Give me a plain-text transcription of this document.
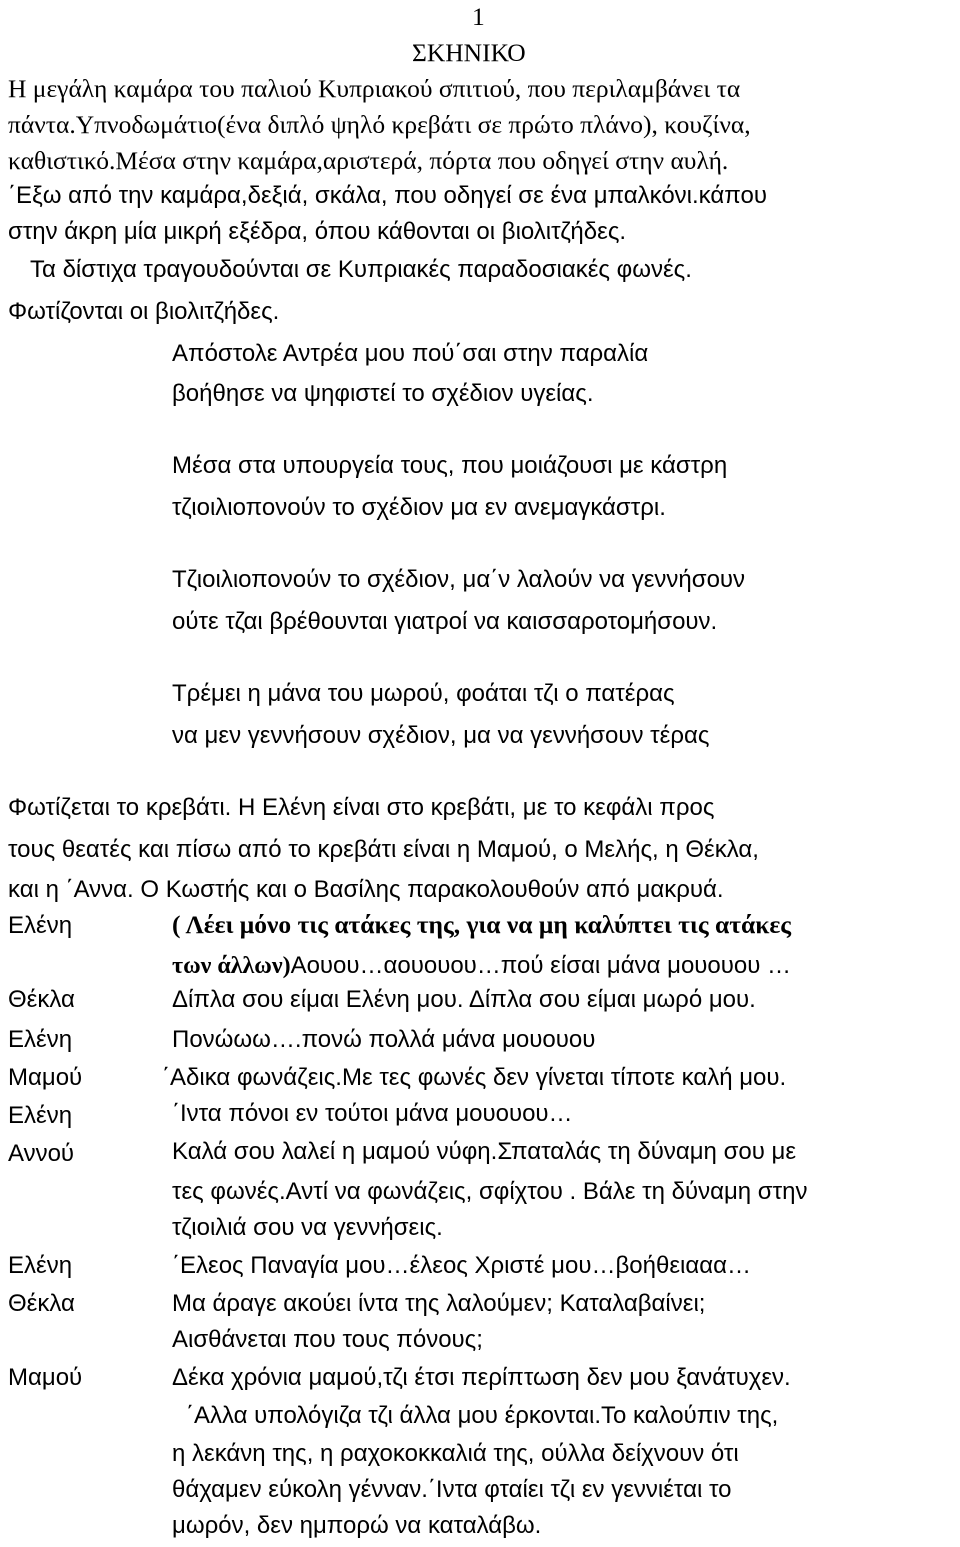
1
ΣΚΗΝΙΚΟ
Η μεγάλη καμάρα του παλιού Κυπριακού σπιτιού, που περιλαμβάνει τα
πάντα.Υπνοδωμάτιο(ένα διπλό ψηλό κρεβάτι σε πρώτο πλάνο), κουζίνα,
καθιστικό.Μέσα στην καμάρα,αριστερά, πόρτα που οδηγεί στην αυλή.
΄Εξω από την καμάρα,δεξιά, σκάλα, που οδηγεί σε ένα μπαλκόνι.κάπου
στην άκρη μία μικρή εξέδρα, όπου κάθονται οι βιολιτζήδες.
Τα δίστιχα τραγουδούνται σε Κυπριακές παραδοσιακές φωνές.
Φωτίζονται οι βιολιτζήδες.
Απόστολε Αντρέα μου πού΄σαι στην παραλία
βοήθησε να ψηφιστεί το σχέδιον υγείας.
Μέσα στα υπουργεία τους, που μοιάζουσι με κάστρη
τζιοιλιοπονούν το σχέδιον μα εν ανεμαγκάστρι.
Τζιοιλιοπονούν το σχέδιον, μα΄ν λαλούν να γεννήσουν
ούτε τζαι βρέθουνται γιατροί να καισσαροτομήσουν.
Τρέμει η μάνα του μωρού, φοάται τζι ο πατέρας
να μεν γεννήσουν σχέδιον, μα να γεννήσουν τέρας
Φωτίζεται το κρεβάτι. Η Ελένη είναι στο κρεβάτι, με το κεφάλι προς
τους θεατές και πίσω από το κρεβάτι είναι η Μαμού, ο Μελής, η Θέκλα,
και η ΄Αννα. Ο Κωστής και ο Βασίλης παρακολουθούν από μακρυά.
Ελένη	( Λέει μόνο τις ατάκες της, για να μη καλύπτει τις ατάκες
των άλλων)Αουου…αουουου…πού είσαι μάνα μουουου …
Θέκλα	Δίπλα σου είμαι Ελένη μου. Δίπλα σου είμαι μωρό μου.
Ελένη	Πονώωω….πονώ πολλά μάνα μουουου
Μαμού	΄Αδικα φωνάζεις.Με τες φωνές δεν γίνεται τίποτε καλή μου.
Ελένη	΄Ιντα πόνοι εν τούτοι μάνα μουουου…
Αννού	Καλά σου λαλεί η μαμού νύφη.Σπαταλάς τη δύναμη σου με
τες φωνές.Αντί να φωνάζεις, σφίχτου . Βάλε τη δύναμη στην
τζιοιλιά σου να γεννήσεις.
Ελένη	΄Ελεος Παναγία μου…έλεος Χριστέ μου…βοήθειααα…
Θέκλα	Μα άραγε ακούει ίντα της λαλούμεν; Καταλαβαίνει;
Αισθάνεται που τους πόνους;
Μαμού	Δέκα χρόνια μαμού,τζι έτσι περίπτωση δεν μου ξανάτυχεν.
΄Αλλα υπολόγιζα τζι άλλα μου έρκονται.Το καλούπιν της,
η λεκάνη της, η ραχοκοκκαλιά της, ούλλα δείχνουν ότι
θάχαμεν εύκολη γένναν.΄Ιντα φταίει τζι εν γεννιέται το
μωρόν, δεν ημπορώ να καταλάβω.
